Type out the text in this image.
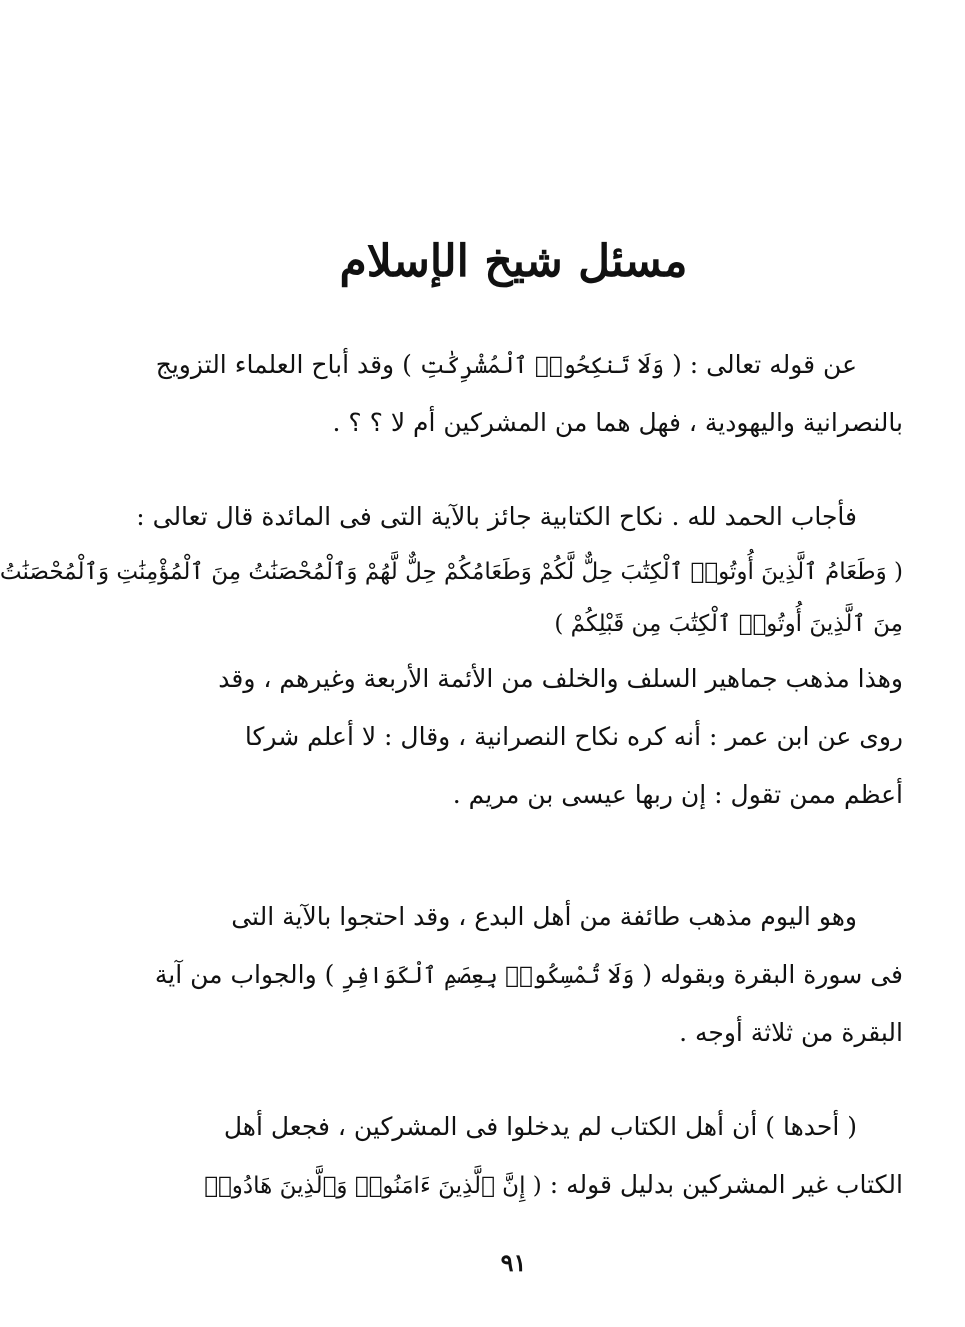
مسئل شيخ الإسلام
عن قوله تعالى : ( وَلَا تَنكِحُوا۟ ٱلْمُشْرِكَٰتِ ) وقد أباح العلماء التزويج
بالنصرانية واليهودية ، فهل هما من المشركين أم لا ؟ ؟ .
فأجاب الحمد لله . نكاح الكتابية جائز بالآية التى فى المائدة قال تعالى :
( وَطَعَامُ ٱلَّذِينَ أُوتُوا۟ ٱلْكِتَٰبَ حِلٌّ لَّكُمْ وَطَعَامُكُمْ حِلٌّ لَّهُمْ وَٱلْمُحْصَنَٰتُ مِنَ ٱلْمُؤْمِنَٰتِ وَٱلْمُحْصَنَٰتُ
مِنَ ٱلَّذِينَ أُوتُوا۟ ٱلْكِتَٰبَ مِن قَبْلِكُمْ )
وهذا مذهب جماهير السلف والخلف من الأئمة الأربعة وغيرهم ، وقد
روى عن ابن عمر : أنه كره نكاح النصرانية ، وقال : لا أعلم شركا
أعظم ممن تقول : إن ربها عيسى بن مريم .
وهو اليوم مذهب طائفة من أهل البدع ، وقد احتجوا بالآية التى
فى سورة البقرة وبقوله ( وَلَا تُمْسِكُوا۟ بِعِصَمِ ٱلْكَوَافِرِ ) والجواب من آية
البقرة من ثلاثة أوجه .
( أحدها ) أن أهل الكتاب لم يدخلوا فى المشركين ، فجعل أهل
الكتاب غير المشركين بدليل قوله : ( إِنَّ ٱلَّذِينَ ءَامَنُوا۟ وَٱلَّذِينَ هَادُوا۟
٩١
